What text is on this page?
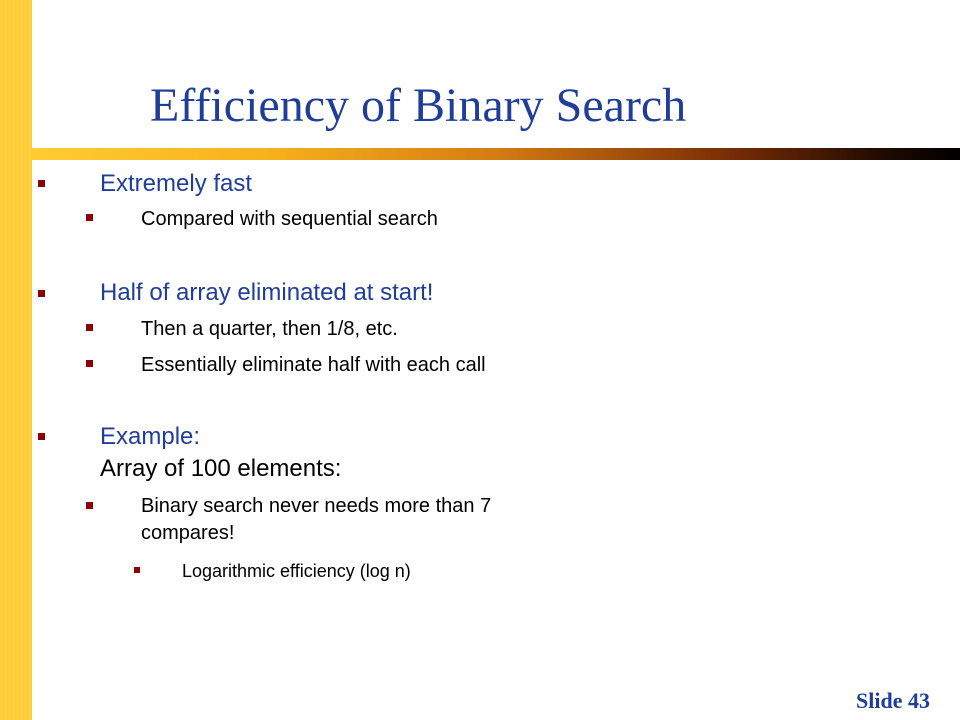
Efficiency of Binary Search
Extremely fast
Compared with sequential search
Half of array eliminated at start!
Then a quarter, then 1/8, etc.
Essentially eliminate half with each call
Example:
Array of 100 elements:
Binary search never needs more than 7
compares!
Logarithmic efficiency (log n)
Slide 43
